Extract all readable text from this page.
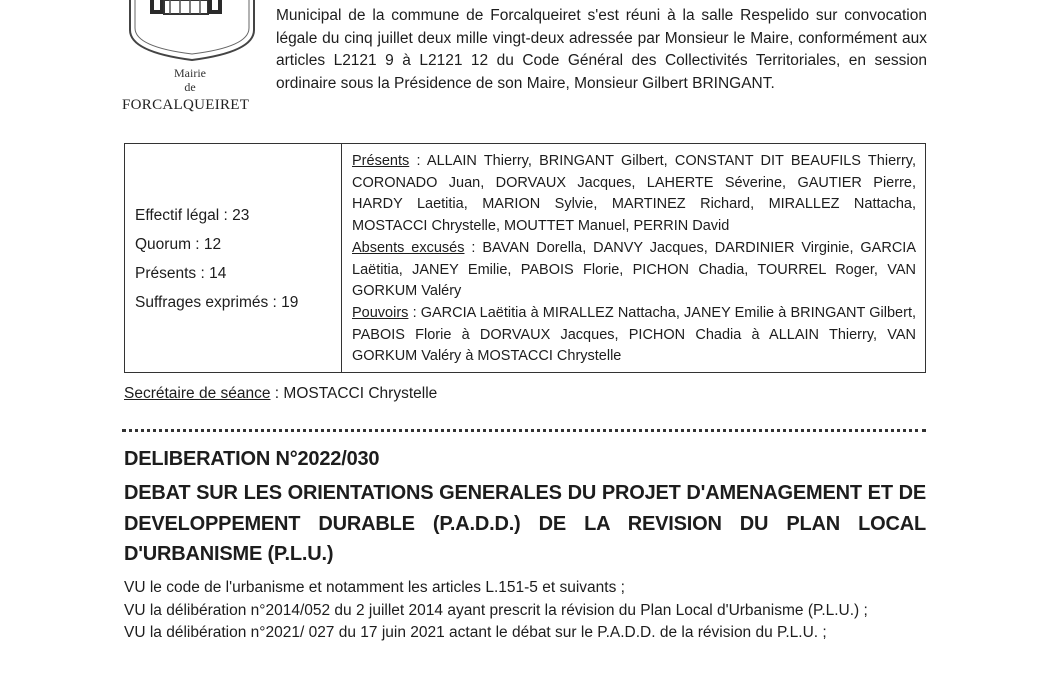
Mairie
de
FORCALQUEIRET

Municipal de la commune de Forcalqueiret s'est réuni à la salle Respelido sur convocation légale du cinq juillet deux mille vingt-deux adressée par Monsieur le Maire, conformément aux articles L2121 9 à L2121 12 du Code Général des Collectivités Territoriales, en session ordinaire sous la Présidence de son Maire, Monsieur Gilbert BRINGANT.

Effectif légal : 23
Quorum : 12
Présents : 14
Suffrages exprimés : 19

Présents : ALLAIN Thierry, BRINGANT Gilbert, CONSTANT DIT BEAUFILS Thierry, CORONADO Juan, DORVAUX Jacques, LAHERTE Séverine, GAUTIER Pierre, HARDY Laetitia, MARION Sylvie, MARTINEZ Richard, MIRALLEZ Nattacha, MOSTACCI Chrystelle, MOUTTET Manuel, PERRIN David

Absents excusés : BAVAN Dorella, DANVY Jacques, DARDINIER Virginie, GARCIA Laëtitia, JANEY Emilie, PABOIS Florie, PICHON Chadia, TOURREL Roger, VAN GORKUM Valéry

Pouvoirs : GARCIA Laëtitia à MIRALLEZ Nattacha, JANEY Emilie à BRINGANT Gilbert, PABOIS Florie à DORVAUX Jacques, PICHON Chadia à ALLAIN Thierry, VAN GORKUM Valéry à MOSTACCI Chrystelle

Secrétaire de séance : MOSTACCI Chrystelle
DELIBERATION N°2022/030
DEBAT SUR LES ORIENTATIONS GENERALES DU PROJET D'AMENAGEMENT ET DE DEVELOPPEMENT DURABLE (P.A.D.D.) DE LA REVISION DU PLAN LOCAL D'URBANISME (P.L.U.)

VU le code de l'urbanisme et notamment les articles L.151-5 et suivants ;

VU la délibération n°2014/052 du 2 juillet 2014 ayant prescrit la révision du Plan Local d'Urbanisme (P.L.U.) ;

VU la délibération n°2021/ 027 du 17 juin 2021 actant le débat sur le P.A.D.D. de la révision du P.L.U. ;
